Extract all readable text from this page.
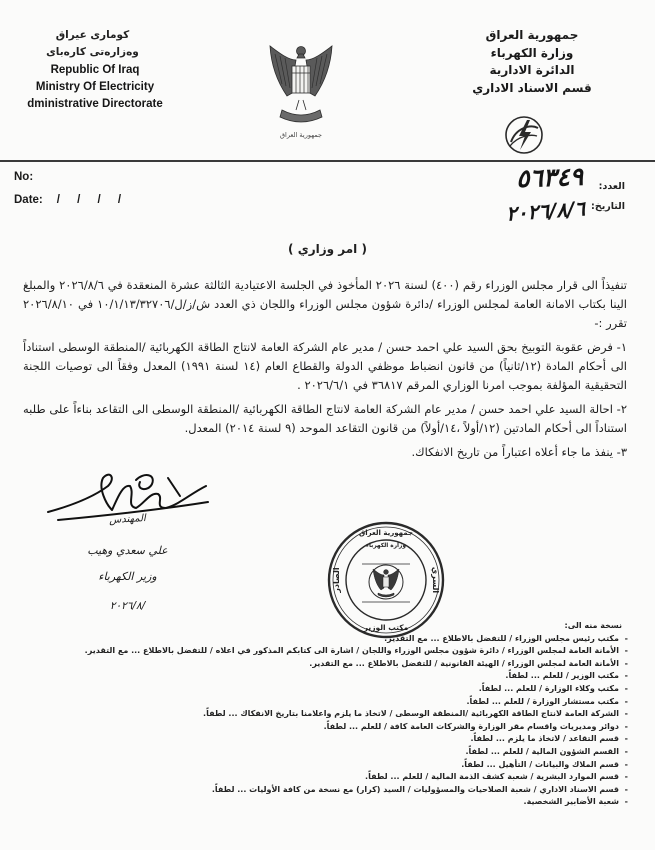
كومارى عيراق
وه‌زاره‌تى كاره‌باى
Republic Of Iraq
Ministry Of Electricity
dministrative Directorate
جمهورية العراق
جمهورية العراق
وزارة الكهرباء
الدائرة الادارية
قسم الاسناد الاداري
No:
Date: / / / /
العدد:
٥٦٣٤٩
التاريخ:
٢٠٢٦/٨/٦
( امر وزاري )

تنفيذاً الى قرار مجلس الوزراء رقم (٤٠٠) لسنة ٢٠٢٦ المأخوذ في الجلسة الاعتيادية الثالثة عشرة المنعقدة في ٢٠٢٦/٨/٦ والمبلغ الينا بكتاب الامانة العامة لمجلس الوزراء /دائرة شؤون مجلس الوزراء واللجان ذي العدد ش/ز/ل/١٠/١/١٣/٣٢٧٠٦ في ٢٠٢٦/٨/١٠ تقرر :-

١- فرض عقوبة التوبيخ بحق السيد علي احمد حسن / مدير عام الشركة العامة لانتاج الطاقة الكهربائية /المنطقة الوسطى استناداً الى أحكام المادة (١٢/ثانياً) من قانون انضباط موظفي الدولة والقطاع العام (١٤ لسنة ١٩٩١) المعدل وفقاً الى توصيات اللجنة التحقيقية المؤلفة بموجب امرنا الوزاري المرقم ٣٦٨١٧ في ٢٠٢٦/٦/١ .

٢- احالة السيد علي احمد حسن / مدير عام الشركة العامة لانتاج الطاقة الكهربائية /المنطقة الوسطى الى التقاعد بناءاً على طلبه استناداً الى أحكام المادتين (١٢/أولاً ،١٤/أولاً) من قانون التقاعد الموحد (٩ لسنة ٢٠١٤) المعدل.

٣- ينفذ ما جاء أعلاه اعتباراً من تاريخ الانفكاك.

المهندس
علي سعدي وهيب
وزير الكهرباء
٢٠٢٦/٨/
جمهورية العراق
وزارة الكهرباء
الصادر	السري
مكتب الوزير	نسخة منه الى:
- مكتب رئيس مجلس الوزراء / للتفضل بالاطلاع ... مع التقدير.
- الأمانة العامة لمجلس الوزراء / دائرة شؤون مجلس الوزراء واللجان / اشارة الى كتابكم المذكور في اعلاه / للتفضل بالاطلاع ... مع التقدير.
- الأمانة العامة لمجلس الوزراء / الهيئة القانونية / للتفضل بالاطلاع ... مع التقدير.
- مكتب الوزير / للعلم ... لطفاً.
- مكتب وكلاء الوزارة / للعلم ... لطفاً.
- مكتب مستشار الوزارة / للعلم ... لطفاً.
- الشركة العامة لانتاج الطاقة الكهربائية /المنطقة الوسطى / لاتخاذ ما يلزم واعلامنا بتاريخ الانفكاك ... لطفاً.
- دوائر ومديريات واقسام مقر الوزارة والشركات العامة كافة / للعلم ... لطفاً.
- قسم التقاعد / لاتخاذ ما يلزم ... لطفاً.
- القسم الشؤون المالية / للعلم ... لطفاً.
- قسم الملاك والبيانات / التأهيل ... لطفاً.
- قسم الموارد البشرية / شعبة كشف الذمة المالية / للعلم ... لطفاً.
- قسم الاسناد الاداري / شعبة الصلاحيات والمسؤوليات / السيد (كرار) مع نسخة من كافة الأوليات ... لطفاً.
- شعبة الأضابير الشخصية.
